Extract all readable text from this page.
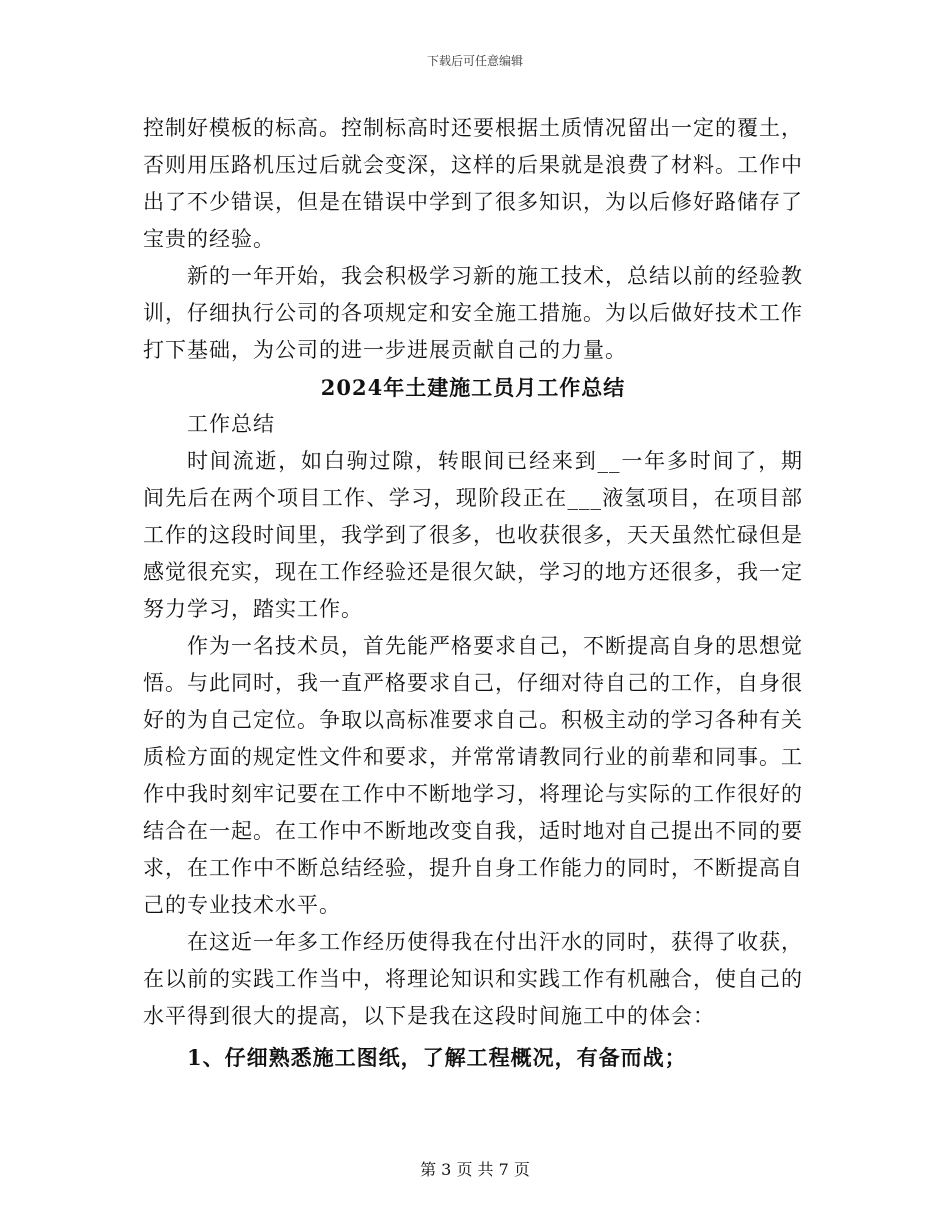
下载后可任意编辑

控制好模板的标高。控制标高时还要根据土质情况留出一定的覆土，否则用压路机压过后就会变深，这样的后果就是浪费了材料。工作中出了不少错误，但是在错误中学到了很多知识，为以后修好路储存了宝贵的经验。

新的一年开始，我会积极学习新的施工技术，总结以前的经验教训，仔细执行公司的各项规定和安全施工措施。为以后做好技术工作打下基础，为公司的进一步进展贡献自己的力量。

2024年土建施工员月工作总结

工作总结

时间流逝，如白驹过隙，转眼间已经来到__一年多时间了，期间先后在两个项目工作、学习，现阶段正在___液氢项目，在项目部工作的这段时间里，我学到了很多，也收获很多，天天虽然忙碌但是感觉很充实，现在工作经验还是很欠缺，学习的地方还很多，我一定努力学习，踏实工作。

作为一名技术员，首先能严格要求自己，不断提高自身的思想觉悟。与此同时，我一直严格要求自己，仔细对待自己的工作，自身很好的为自己定位。争取以高标准要求自己。积极主动的学习各种有关质检方面的规定性文件和要求，并常常请教同行业的前辈和同事。工作中我时刻牢记要在工作中不断地学习，将理论与实际的工作很好的结合在一起。在工作中不断地改变自我，适时地对自己提出不同的要求，在工作中不断总结经验，提升自身工作能力的同时，不断提高自己的专业技术水平。

在这近一年多工作经历使得我在付出汗水的同时，获得了收获，在以前的实践工作当中，将理论知识和实践工作有机融合，使自己的水平得到很大的提高，以下是我在这段时间施工中的体会：

1、仔细熟悉施工图纸，了解工程概况，有备而战；

第 3 页 共 7 页
